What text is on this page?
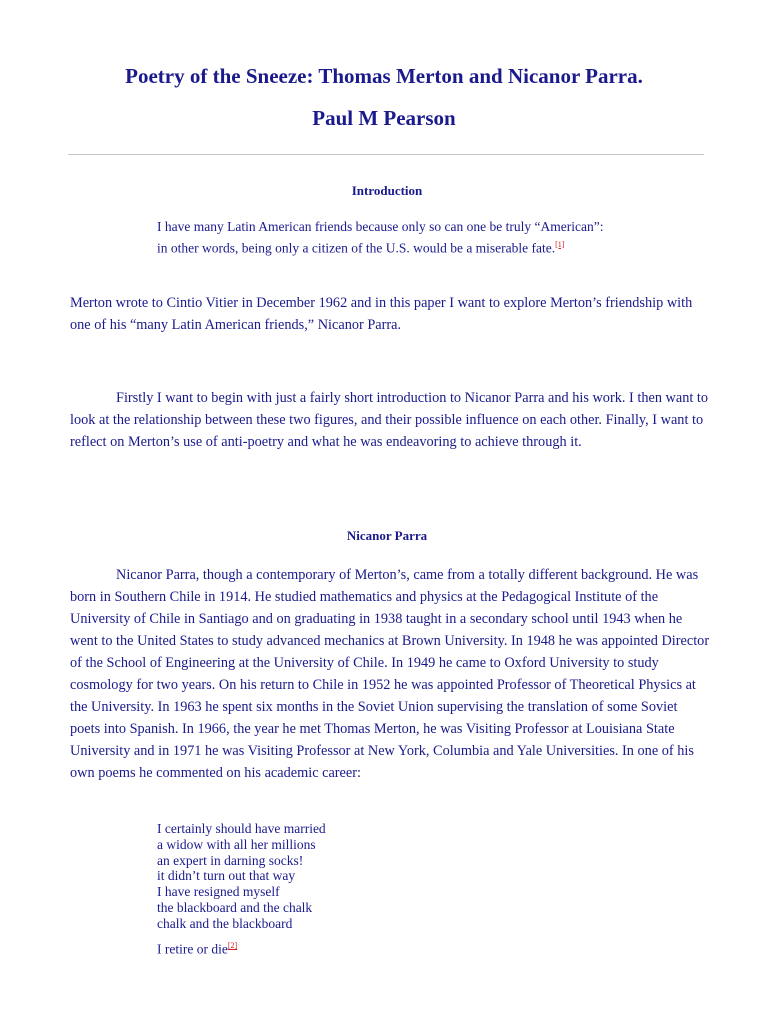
Poetry of the Sneeze: Thomas Merton and Nicanor Parra.
Paul M Pearson
Introduction
I have many Latin American friends because only so can one be truly “American”: in other words, being only a citizen of the U.S. would be a miserable fate.[1]

Merton wrote to Cintio Vitier in December 1962 and in this paper I want to explore Merton’s friendship with one of his “many Latin American friends,” Nicanor Parra.

Firstly I want to begin with just a fairly short introduction to Nicanor Parra and his work. I then want to look at the relationship between these two figures, and their possible influence on each other. Finally, I want to reflect on Merton’s use of anti-poetry and what he was endeavoring to achieve through it.

Nicanor Parra

Nicanor Parra, though a contemporary of Merton’s, came from a totally different background. He was born in Southern Chile in 1914. He studied mathematics and physics at the Pedagogical Institute of the University of Chile in Santiago and on graduating in 1938 taught in a secondary school until 1943 when he went to the United States to study advanced mechanics at Brown University. In 1948 he was appointed Director of the School of Engineering at the University of Chile. In 1949 he came to Oxford University to study cosmology for two years. On his return to Chile in 1952 he was appointed Professor of Theoretical Physics at the University. In 1963 he spent six months in the Soviet Union supervising the translation of some Soviet poets into Spanish. In 1966, the year he met Thomas Merton, he was Visiting Professor at Louisiana State University and in 1971 he was Visiting Professor at New York, Columbia and Yale Universities. In one of his own poems he commented on his academic career:

I certainly should have married
a widow with all her millions
an expert in darning socks!
it didn’t turn out that way
I have resigned myself
the blackboard and the chalk
chalk and the blackboard
I retire or die[2]
